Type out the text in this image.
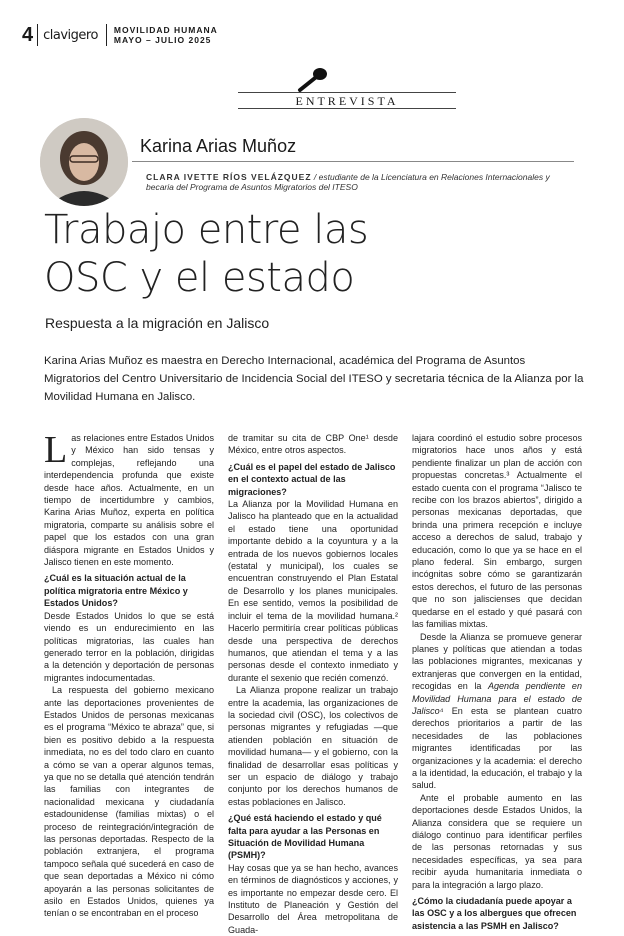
4 clavigero MOVILIDAD HUMANA
MAYO – JULIO 2025
ENTREVISTA
Karina Arias Muñoz
CLARA IVETTE RÍOS VELÁZQUEZ / estudiante de la Licenciatura en Relaciones Internacionales y becaria del Programa de Asuntos Migratorios del ITESO
Trabajo entre las
OSC y el estado
Respuesta a la migración en Jalisco
Karina Arias Muñoz es maestra en Derecho Internacional, académica del Programa de Asuntos Migratorios del Centro Universitario de Incidencia Social del ITESO y secretaria técnica de la Alianza por la Movilidad Humana en Jalisco.

Las relaciones entre Estados Unidos y México han sido tensas y complejas, reflejando una interdependencia profunda que existe desde hace años. Actualmente, en un tiempo de incertidumbre y cambios, Karina Arias Muñoz, experta en política migratoria, comparte su análisis sobre el papel que los estados con una gran diáspora migrante en Estados Unidos y Jalisco tienen en este momento.

¿Cuál es la situación actual de la política migratoria entre México y Estados Unidos?

Desde Estados Unidos lo que se está viendo es un endurecimiento en las políticas migratorias, las cuales han generado terror en la población, dirigidas a la detención y deportación de personas migrantes indocumentadas.

La respuesta del gobierno mexicano ante las deportaciones provenientes de Estados Unidos de personas mexicanas es el programa “México te abraza” que, si bien es positivo debido a la respuesta inmediata, no es del todo claro en cuanto a cómo se van a operar algunos temas, ya que no se detalla qué atención tendrán las familias con integrantes de nacionalidad mexicana y ciudadanía estadounidense (familias mixtas) o el proceso de reintegración/integración de las personas deportadas. Respecto de la población extranjera, el programa tampoco señala qué sucederá en caso de que sean deportadas a México ni cómo apoyarán a las personas solicitantes de asilo en Estados Unidos, quienes ya tenían o se encontraban en el proceso

de tramitar su cita de CBP One¹ desde México, entre otros aspectos.

¿Cuál es el papel del estado de Jalisco en el contexto actual de las migraciones?

La Alianza por la Movilidad Humana en Jalisco ha planteado que en la actualidad el estado tiene una oportunidad importante debido a la coyuntura y a la entrada de los nuevos gobiernos locales (estatal y municipal), los cuales se encuentran construyendo el Plan Estatal de Desarrollo y los planes municipales. En ese sentido, vemos la posibilidad de incluir el tema de la movilidad humana.² Hacerlo permitiría crear políticas públicas desde una perspectiva de derechos humanos, que atiendan el tema y a las personas desde el contexto inmediato y durante el sexenio que recién comenzó.

La Alianza propone realizar un trabajo entre la academia, las organizaciones de la sociedad civil (OSC), los colectivos de personas migrantes y refugiadas —que atienden población en situación de movilidad humana— y el gobierno, con la finalidad de desarrollar esas políticas y ser un espacio de diálogo y trabajo conjunto por los derechos humanos de estas poblaciones en Jalisco.

¿Qué está haciendo el estado y qué falta para ayudar a las Personas en Situación de Movilidad Humana (PSMH)?

Hay cosas que ya se han hecho, avances en términos de diagnósticos y acciones, y es importante no empezar desde cero. El Instituto de Planeación y Gestión del Desarrollo del Área metropolitana de Guada-

lajara coordinó el estudio sobre procesos migratorios hace unos años y está pendiente finalizar un plan de acción con propuestas concretas.³ Actualmente el estado cuenta con el programa “Jalisco te recibe con los brazos abiertos”, dirigido a personas mexicanas deportadas, que brinda una primera recepción e incluye acceso a derechos de salud, trabajo y educación, como lo que ya se hace en el plano federal. Sin embargo, surgen incógnitas sobre cómo se garantizarán estos derechos, el futuro de las personas que no son jaliscienses que decidan quedarse en el estado y qué pasará con las familias mixtas.

Desde la Alianza se promueve generar planes y políticas que atiendan a todas las poblaciones migrantes, mexicanas y extranjeras que convergen en la entidad, recogidas en la Agenda pendiente en Movilidad Humana para el estado de Jalisco⁴ En esta se plantean cuatro derechos prioritarios a partir de las necesidades de las poblaciones migrantes identificadas por las organizaciones y la academia: el derecho a la identidad, la educación, el trabajo y la salud.

Ante el probable aumento en las deportaciones desde Estados Unidos, la Alianza considera que se requiere un diálogo continuo para identificar perfiles de las personas retornadas y sus necesidades específicas, ya sea para recibir ayuda humanitaria inmediata o para la integración a largo plazo.

¿Cómo la ciudadanía puede apoyar a las OSC y a los albergues que ofrecen asistencia a las PSMH en Jalisco?
